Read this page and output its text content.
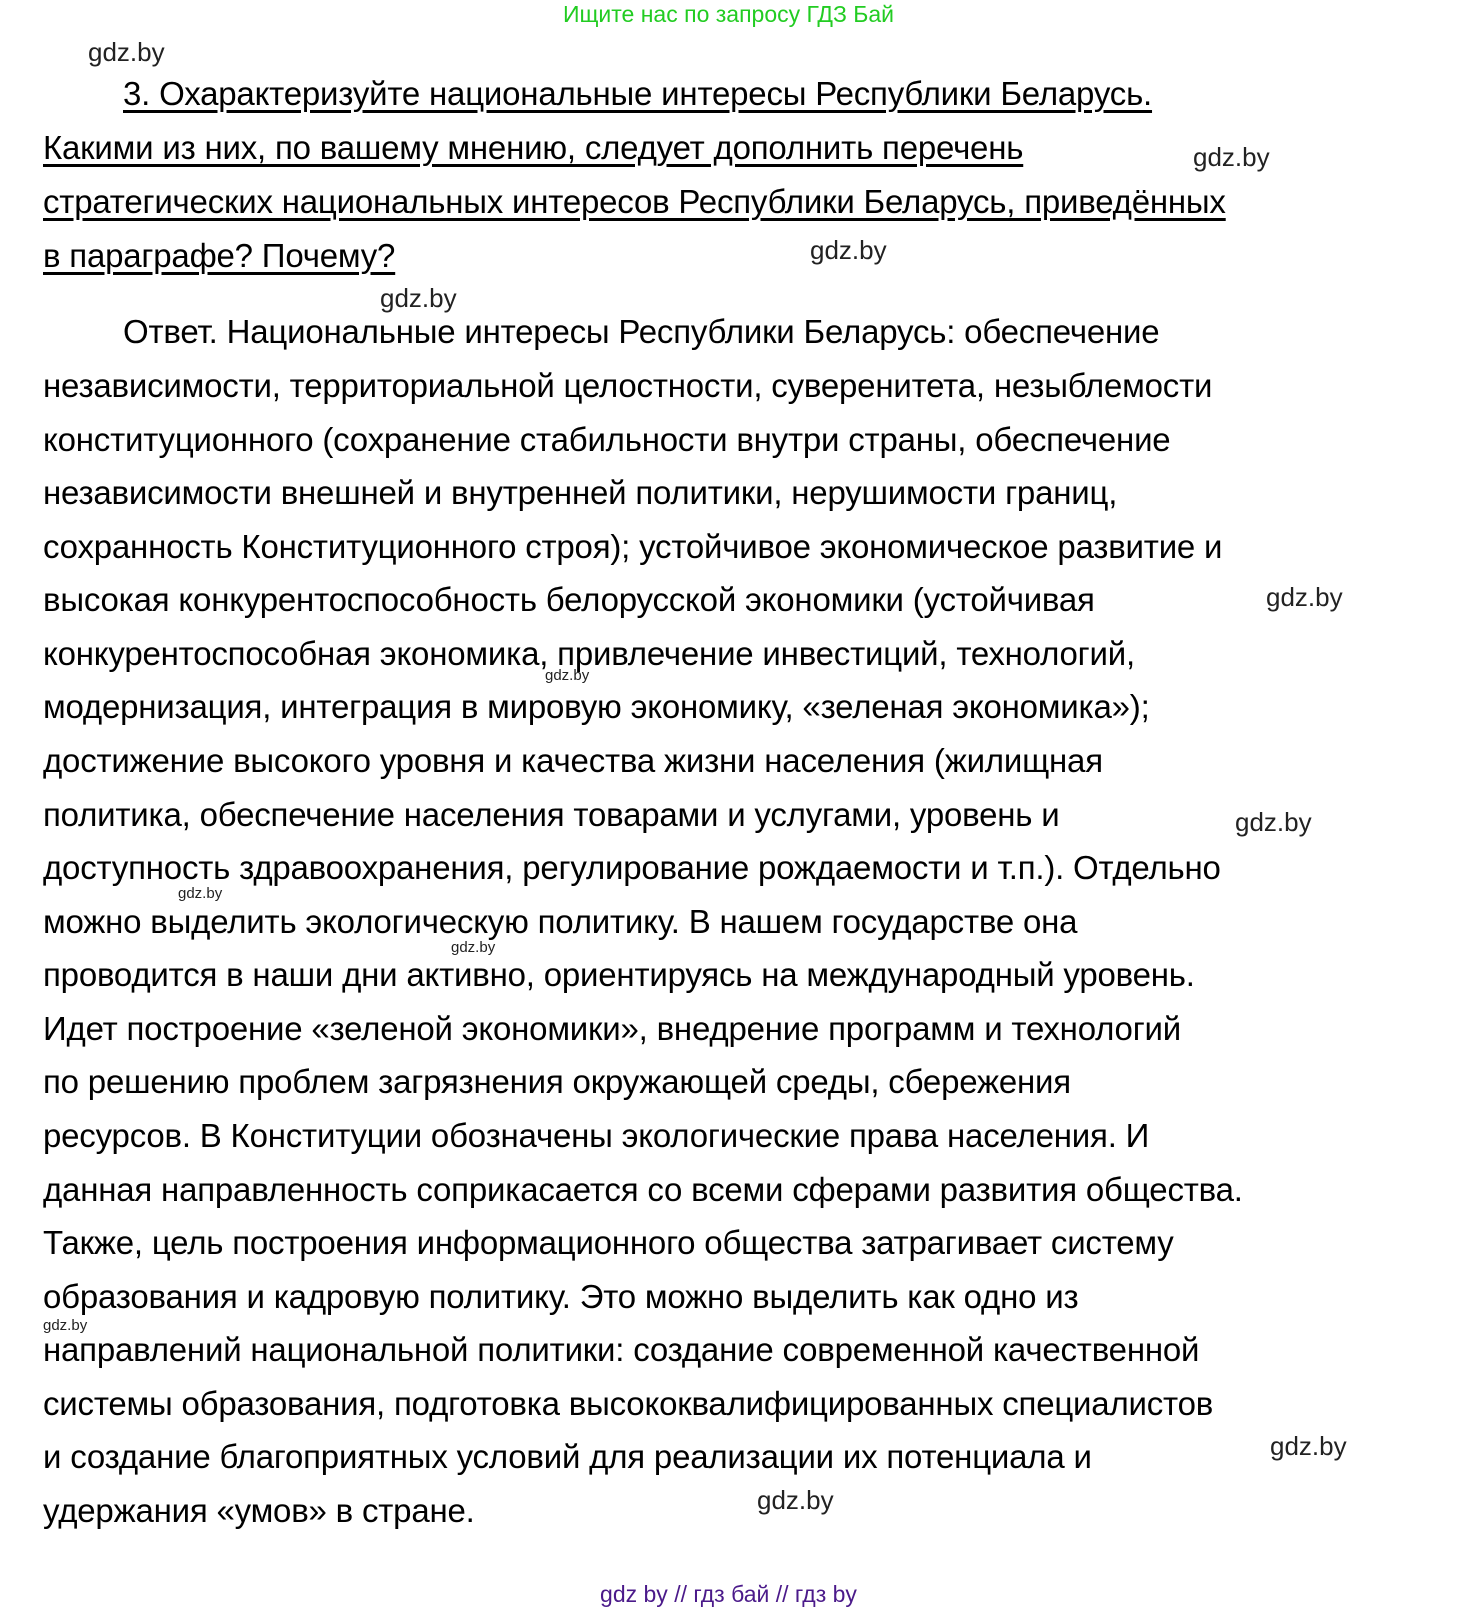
Ищите нас по запросу ГДЗ Бай
gdz.by
gdz.by
gdz.by
gdz.by
gdz.by
gdz.by
gdz.by
gdz.by
gdz.by
gdz.by
gdz.by
gdz.by
3. Охарактеризуйте национальные интересы Республики Беларусь.
Какими из них, по вашему мнению, следует дополнить перечень
стратегических национальных интересов Республики Беларусь, приведённых
в параграфе? Почему?
Ответ. Национальные интересы Республики Беларусь: обеспечение
независимости, территориальной целостности, суверенитета, незыблемости
конституционного (сохранение стабильности внутри страны, обеспечение
независимости внешней и внутренней политики, нерушимости границ,
сохранность Конституционного строя); устойчивое экономическое развитие и
высокая конкурентоспособность белорусской экономики (устойчивая
конкурентоспособная экономика, привлечение инвестиций, технологий,
модернизация, интеграция в мировую экономику, «зеленая экономика»);
достижение высокого уровня и качества жизни населения (жилищная
политика, обеспечение населения товарами и услугами, уровень и
доступность здравоохранения, регулирование рождаемости и т.п.). Отдельно
можно выделить экологическую политику. В нашем государстве она
проводится в наши дни активно, ориентируясь на международный уровень.
Идет построение «зеленой экономики», внедрение программ и технологий
по решению проблем загрязнения окружающей среды, сбережения
ресурсов. В Конституции обозначены экологические права населения. И
данная направленность соприкасается со всеми сферами развития общества.
Также, цель построения информационного общества затрагивает систему
образования и кадровую политику. Это можно выделить как одно из
направлений национальной политики: создание современной качественной
системы образования, подготовка высококвалифицированных специалистов
и создание благоприятных условий для реализации их потенциала и
удержания «умов» в стране.
gdz by // гдз бай // гдз by
